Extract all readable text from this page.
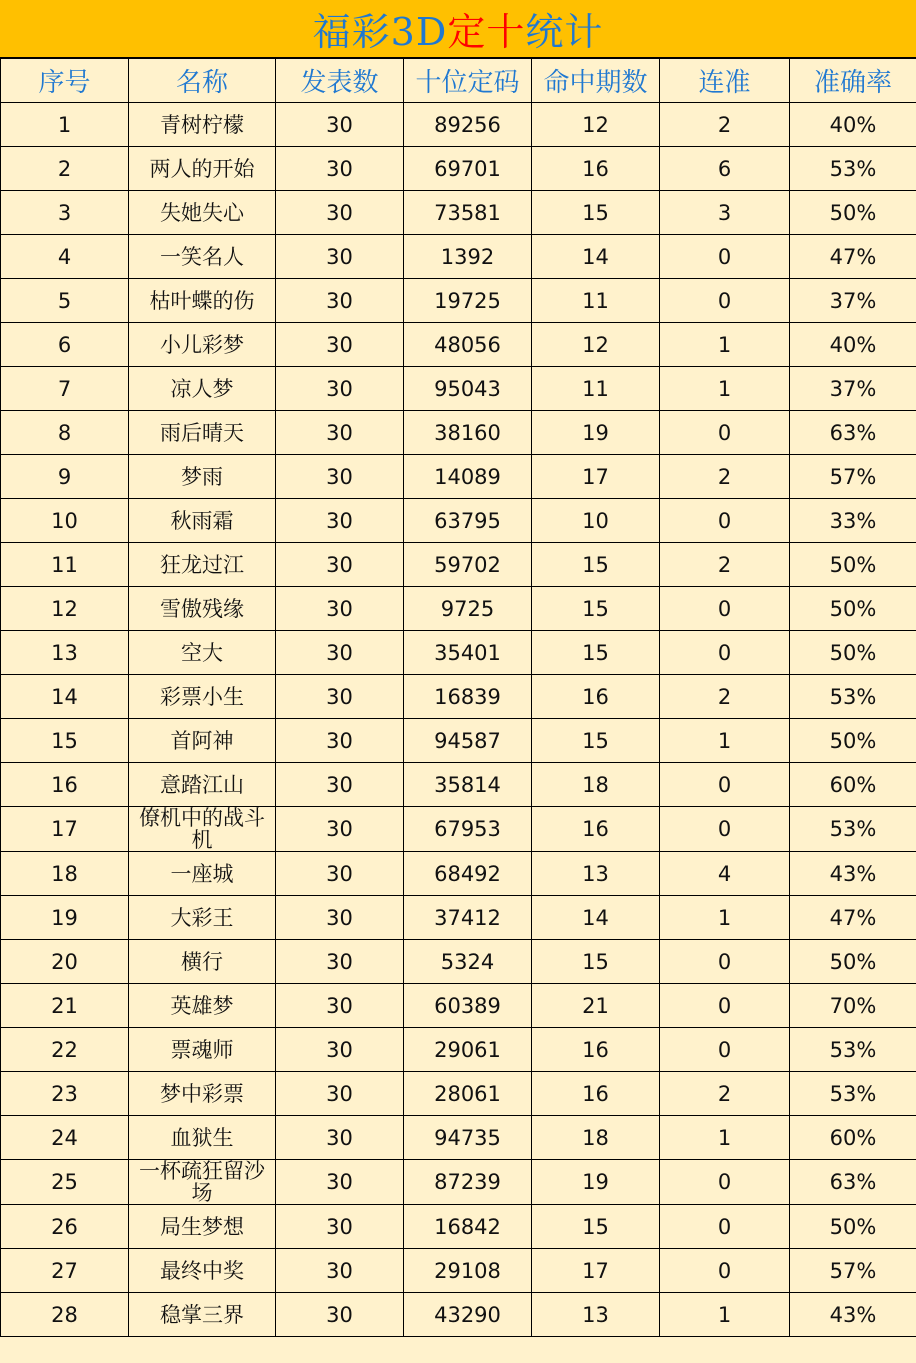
福彩3D 定十 统计
序号	名称	发表数	十位定码	命中期数	连准	准确率
1	青树柠檬	30	89256	12	2	40%
2	两人的开始	30	69701	16	6	53%
3	失她失心	30	73581	15	3	50%
4	一笑名人	30	1392	14	0	47%
5	枯叶蝶的伤	30	19725	11	0	37%
6	小儿彩梦	30	48056	12	1	40%
7	凉人梦	30	95043	11	1	37%
8	雨后晴天	30	38160	19	0	63%
9	梦雨	30	14089	17	2	57%
10	秋雨霜	30	63795	10	0	33%
11	狂龙过江	30	59702	15	2	50%
12	雪傲残缘	30	9725	15	0	50%
13	空大	30	35401	15	0	50%
14	彩票小生	30	16839	16	2	53%
15	首阿神	30	94587	15	1	50%
16	意踏江山	30	35814	18	0	60%
17	僚机中的战斗机	30	67953	16	0	53%
18	一座城	30	68492	13	4	43%
19	大彩王	30	37412	14	1	47%
20	横行	30	5324	15	0	50%
21	英雄梦	30	60389	21	0	70%
22	票魂师	30	29061	16	0	53%
23	梦中彩票	30	28061	16	2	53%
24	血狱生	30	94735	18	1	60%
25	一杯疏狂留沙场	30	87239	19	0	63%
26	局生梦想	30	16842	15	0	50%
27	最终中奖	30	29108	17	0	57%
28	稳掌三界	30	43290	13	1	43%
